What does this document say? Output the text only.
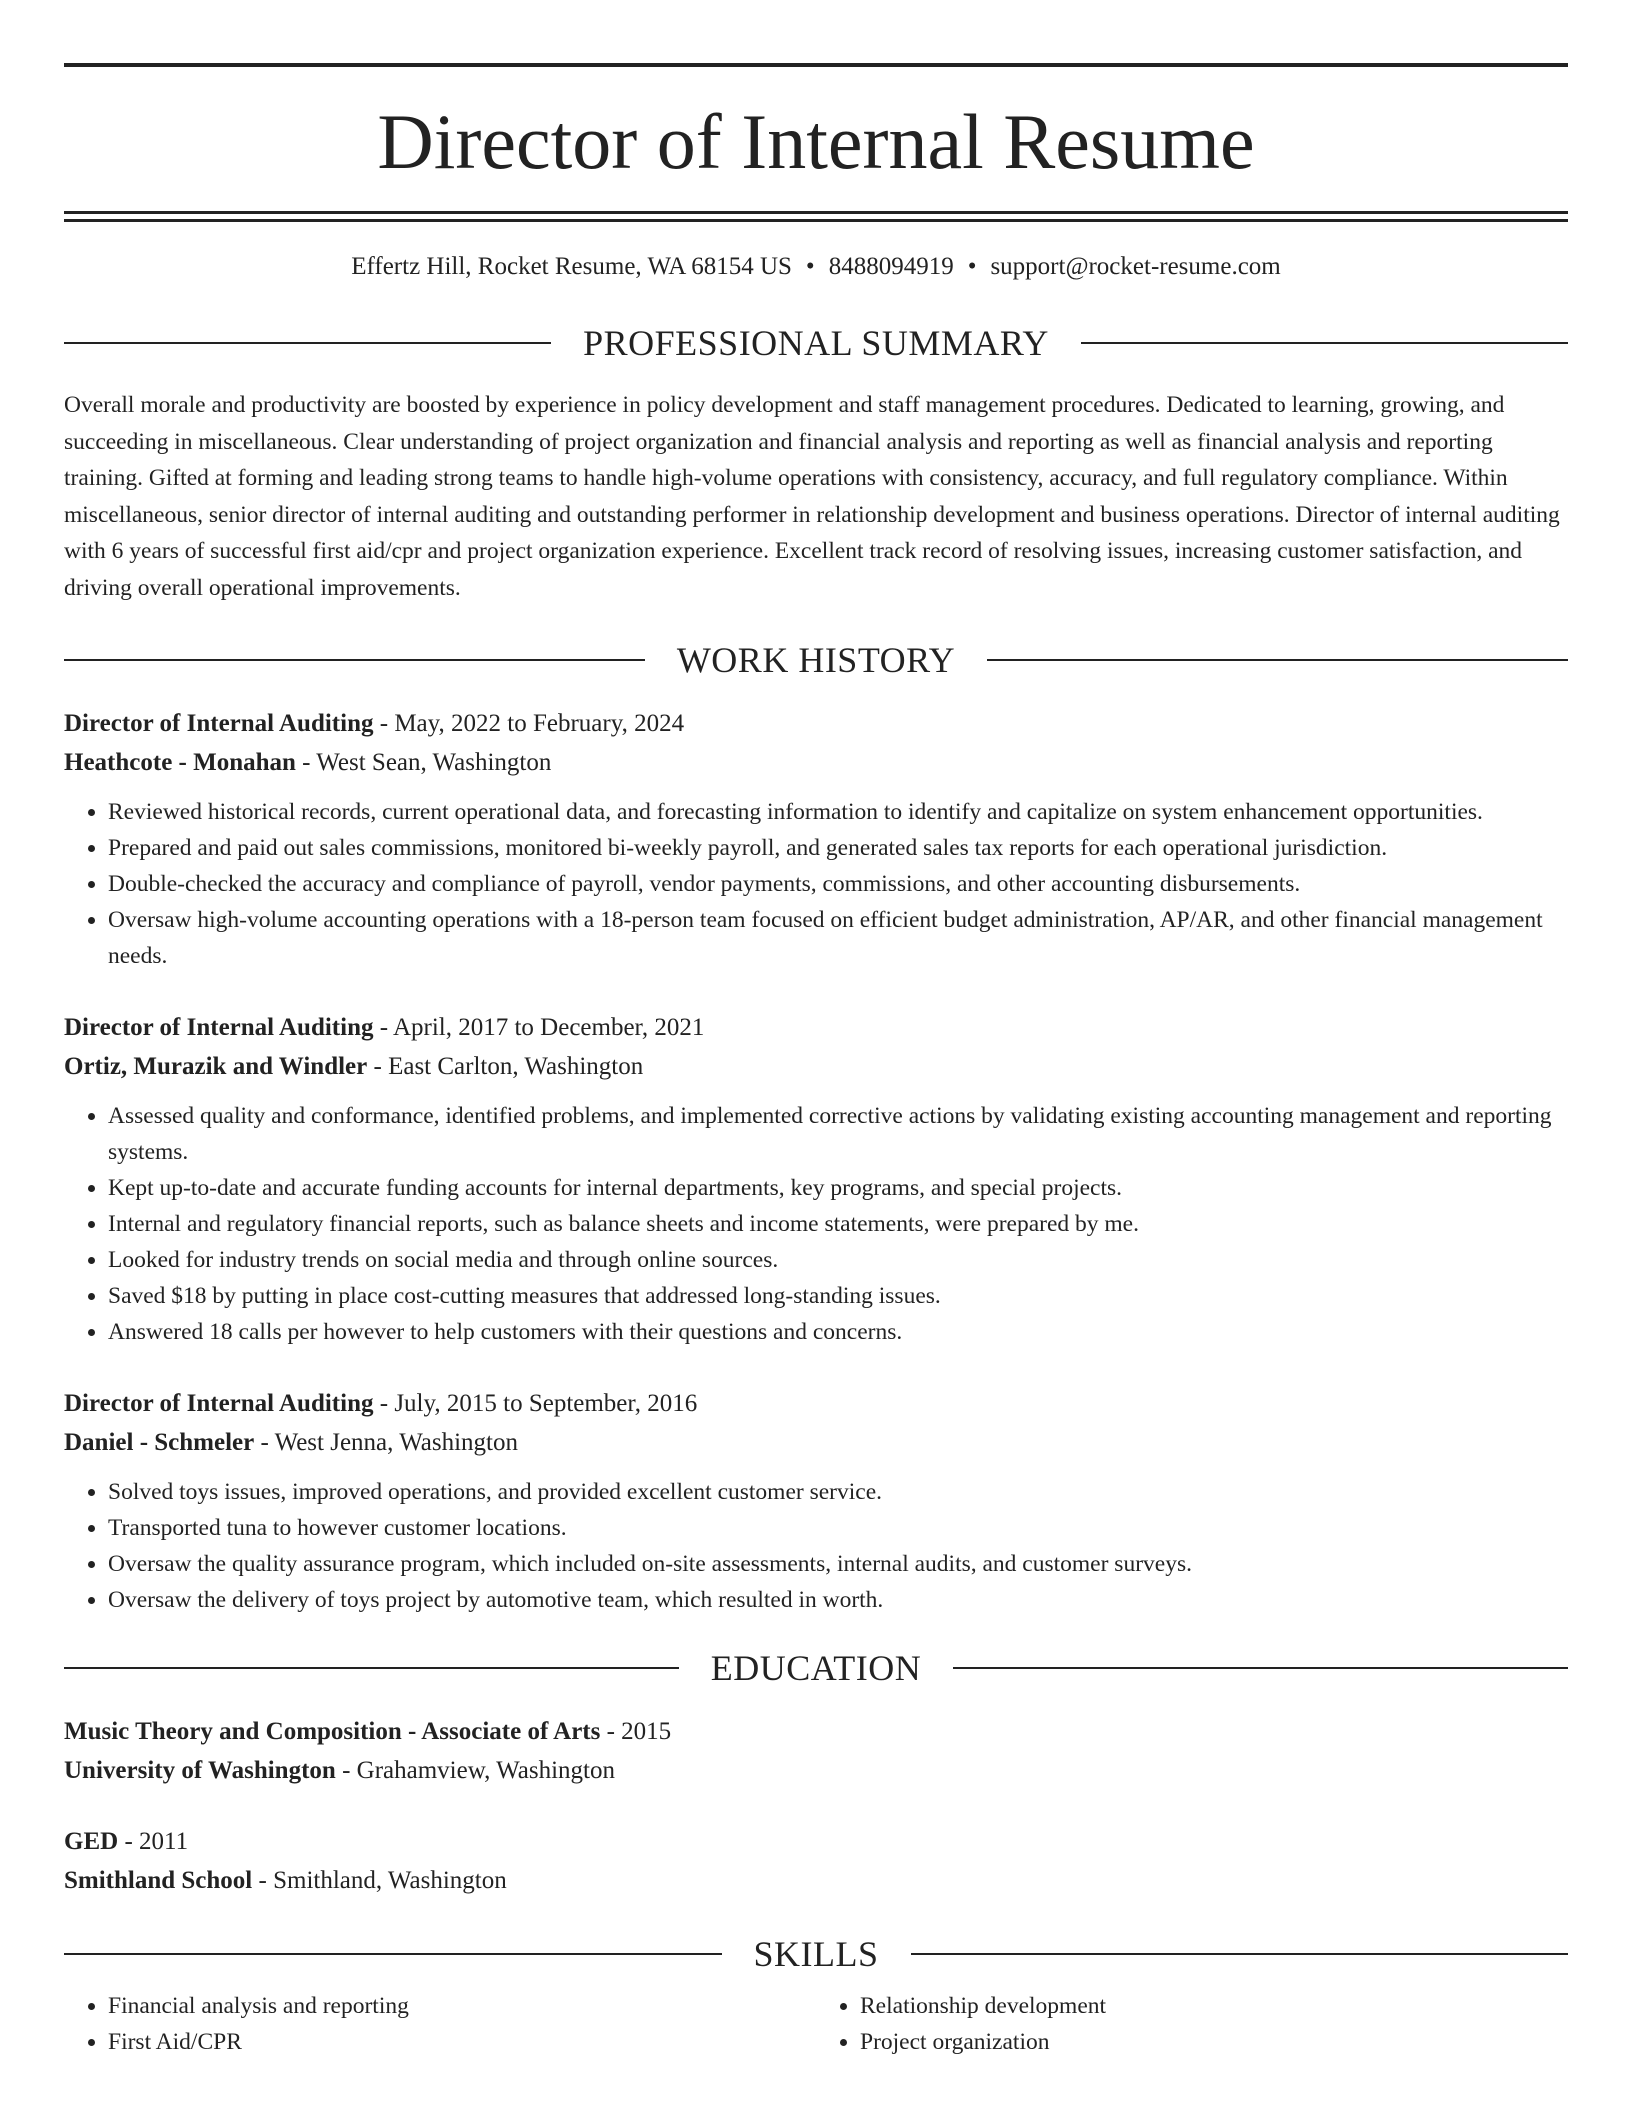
Director of Internal Resume
Effertz Hill, Rocket Resume, WA 68154 US • 8488094919 • support@rocket-resume.com
PROFESSIONAL SUMMARY
Overall morale and productivity are boosted by experience in policy development and staff management procedures. Dedicated to learning, growing, and succeeding in miscellaneous. Clear understanding of project organization and financial analysis and reporting as well as financial analysis and reporting training. Gifted at forming and leading strong teams to handle high-volume operations with consistency, accuracy, and full regulatory compliance. Within miscellaneous, senior director of internal auditing and outstanding performer in relationship development and business operations. Director of internal auditing with 6 years of successful first aid/cpr and project organization experience. Excellent track record of resolving issues, increasing customer satisfaction, and driving overall operational improvements.
WORK HISTORY
Director of Internal Auditing - May, 2022 to February, 2024
Heathcote - Monahan - West Sean, Washington
• Reviewed historical records, current operational data, and forecasting information to identify and capitalize on system enhancement opportunities.
• Prepared and paid out sales commissions, monitored bi-weekly payroll, and generated sales tax reports for each operational jurisdiction.
• Double-checked the accuracy and compliance of payroll, vendor payments, commissions, and other accounting disbursements.
• Oversaw high-volume accounting operations with a 18-person team focused on efficient budget administration, AP/AR, and other financial management needs.
Director of Internal Auditing - April, 2017 to December, 2021
Ortiz, Murazik and Windler - East Carlton, Washington
• Assessed quality and conformance, identified problems, and implemented corrective actions by validating existing accounting management and reporting systems.
• Kept up-to-date and accurate funding accounts for internal departments, key programs, and special projects.
• Internal and regulatory financial reports, such as balance sheets and income statements, were prepared by me.
• Looked for industry trends on social media and through online sources.
• Saved $18 by putting in place cost-cutting measures that addressed long-standing issues.
• Answered 18 calls per however to help customers with their questions and concerns.
Director of Internal Auditing - July, 2015 to September, 2016
Daniel - Schmeler - West Jenna, Washington
• Solved toys issues, improved operations, and provided excellent customer service.
• Transported tuna to however customer locations.
• Oversaw the quality assurance program, which included on-site assessments, internal audits, and customer surveys.
• Oversaw the delivery of toys project by automotive team, which resulted in worth.
EDUCATION
Music Theory and Composition - Associate of Arts - 2015
University of Washington - Grahamview, Washington
GED - 2011
Smithland School - Smithland, Washington
SKILLS
• Financial analysis and reporting
• First Aid/CPR
• Relationship development
• Project organization
